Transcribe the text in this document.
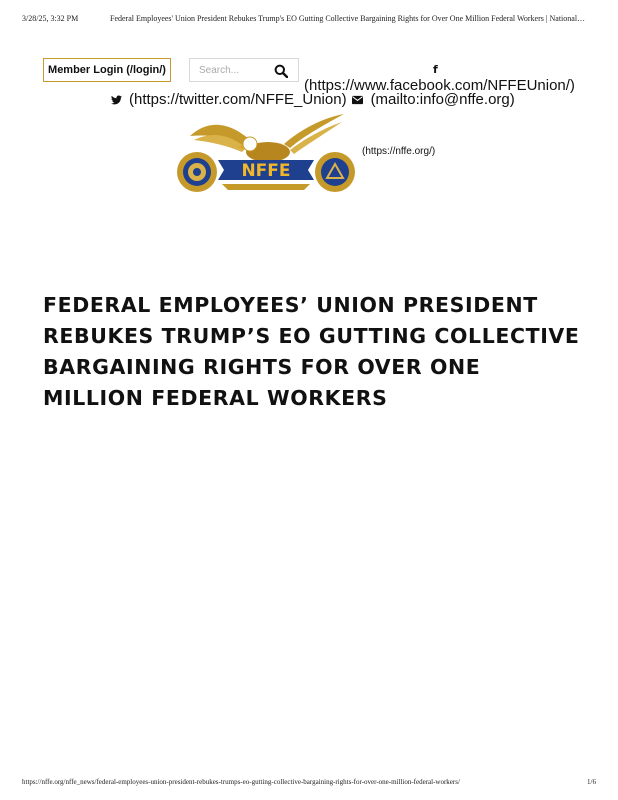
3/28/25, 3:32 PM	Federal Employees' Union President Rebukes Trump's EO Gutting Collective Bargaining Rights for Over One Million Federal Workers | National…
Member Login (/login/)
Search...	f
(https://www.facebook.com/NFFEUnion/)
(https://twitter.com/NFFE_Union) (mailto:info@nffe.org)
NFFE
(https://nffe.org/)
FEDERAL EMPLOYEES’ UNION PRESIDENT REBUKES TRUMP’S EO GUTTING COLLECTIVE BARGAINING RIGHTS FOR OVER ONE MILLION FEDERAL WORKERS
https://nffe.org/nffe_news/federal-employees-union-president-rebukes-trumps-eo-gutting-collective-bargaining-rights-for-over-one-million-federal-workers/	1/6
